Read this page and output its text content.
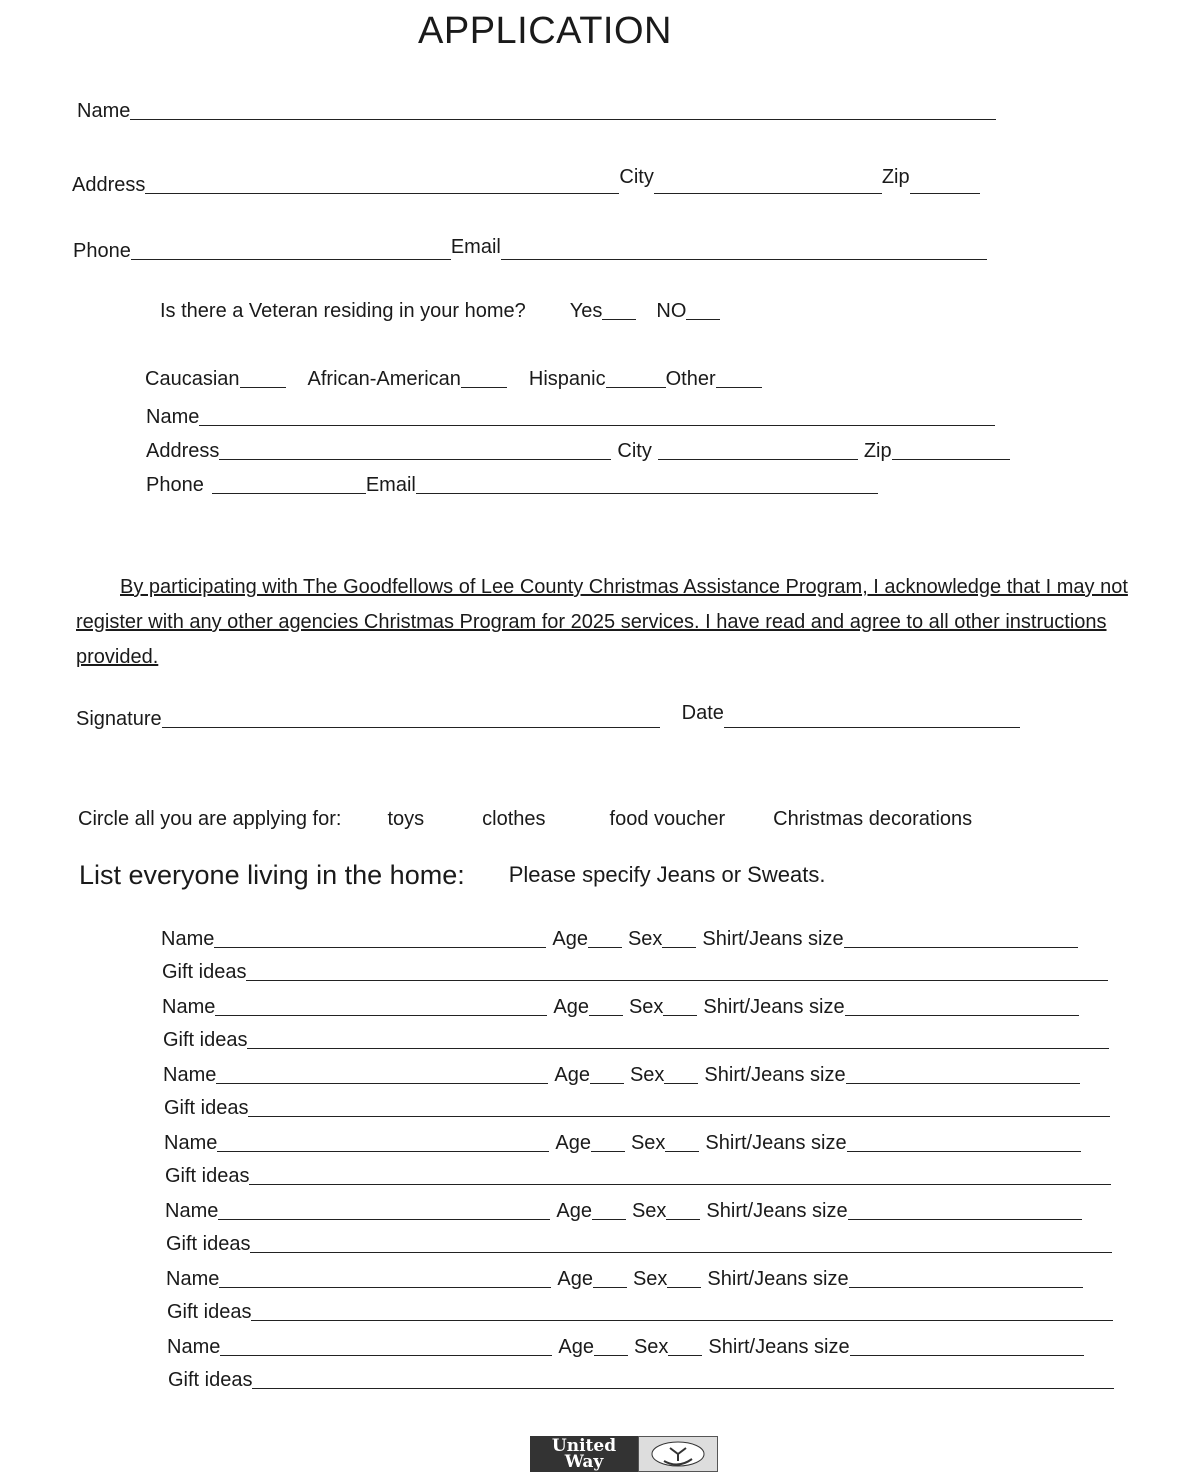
APPLICATION
Name
Address	City	Zip
Phone	Email
Is there a Veteran residing in your home? Yes	NO
Caucasian	African-American	Hispanic	Other
Name
Address	City	Zip
Phone	Email
By participating with The Goodfellows of Lee County Christmas Assistance Program, I acknowledge that I may not register with any other agencies Christmas Program for 2025 services. I have read and agree to all other instructions provided.
Signature	Date
Circle all you are applying for: toys	clothes	food voucher Christmas decorations
List everyone living in the home: Please specify Jeans or Sweats.
Name	Age Sex Shirt/Jeans size
Gift ideas
Name	Age Sex Shirt/Jeans size
Gift ideas
Name	Age Sex Shirt/Jeans size
Gift ideas
Name	Age Sex Shirt/Jeans size
Gift ideas
Name	Age Sex Shirt/Jeans size
Gift ideas
Name	Age Sex Shirt/Jeans size
Gift ideas
Name	Age Sex Shirt/Jeans size
Gift ideas
United
Way
